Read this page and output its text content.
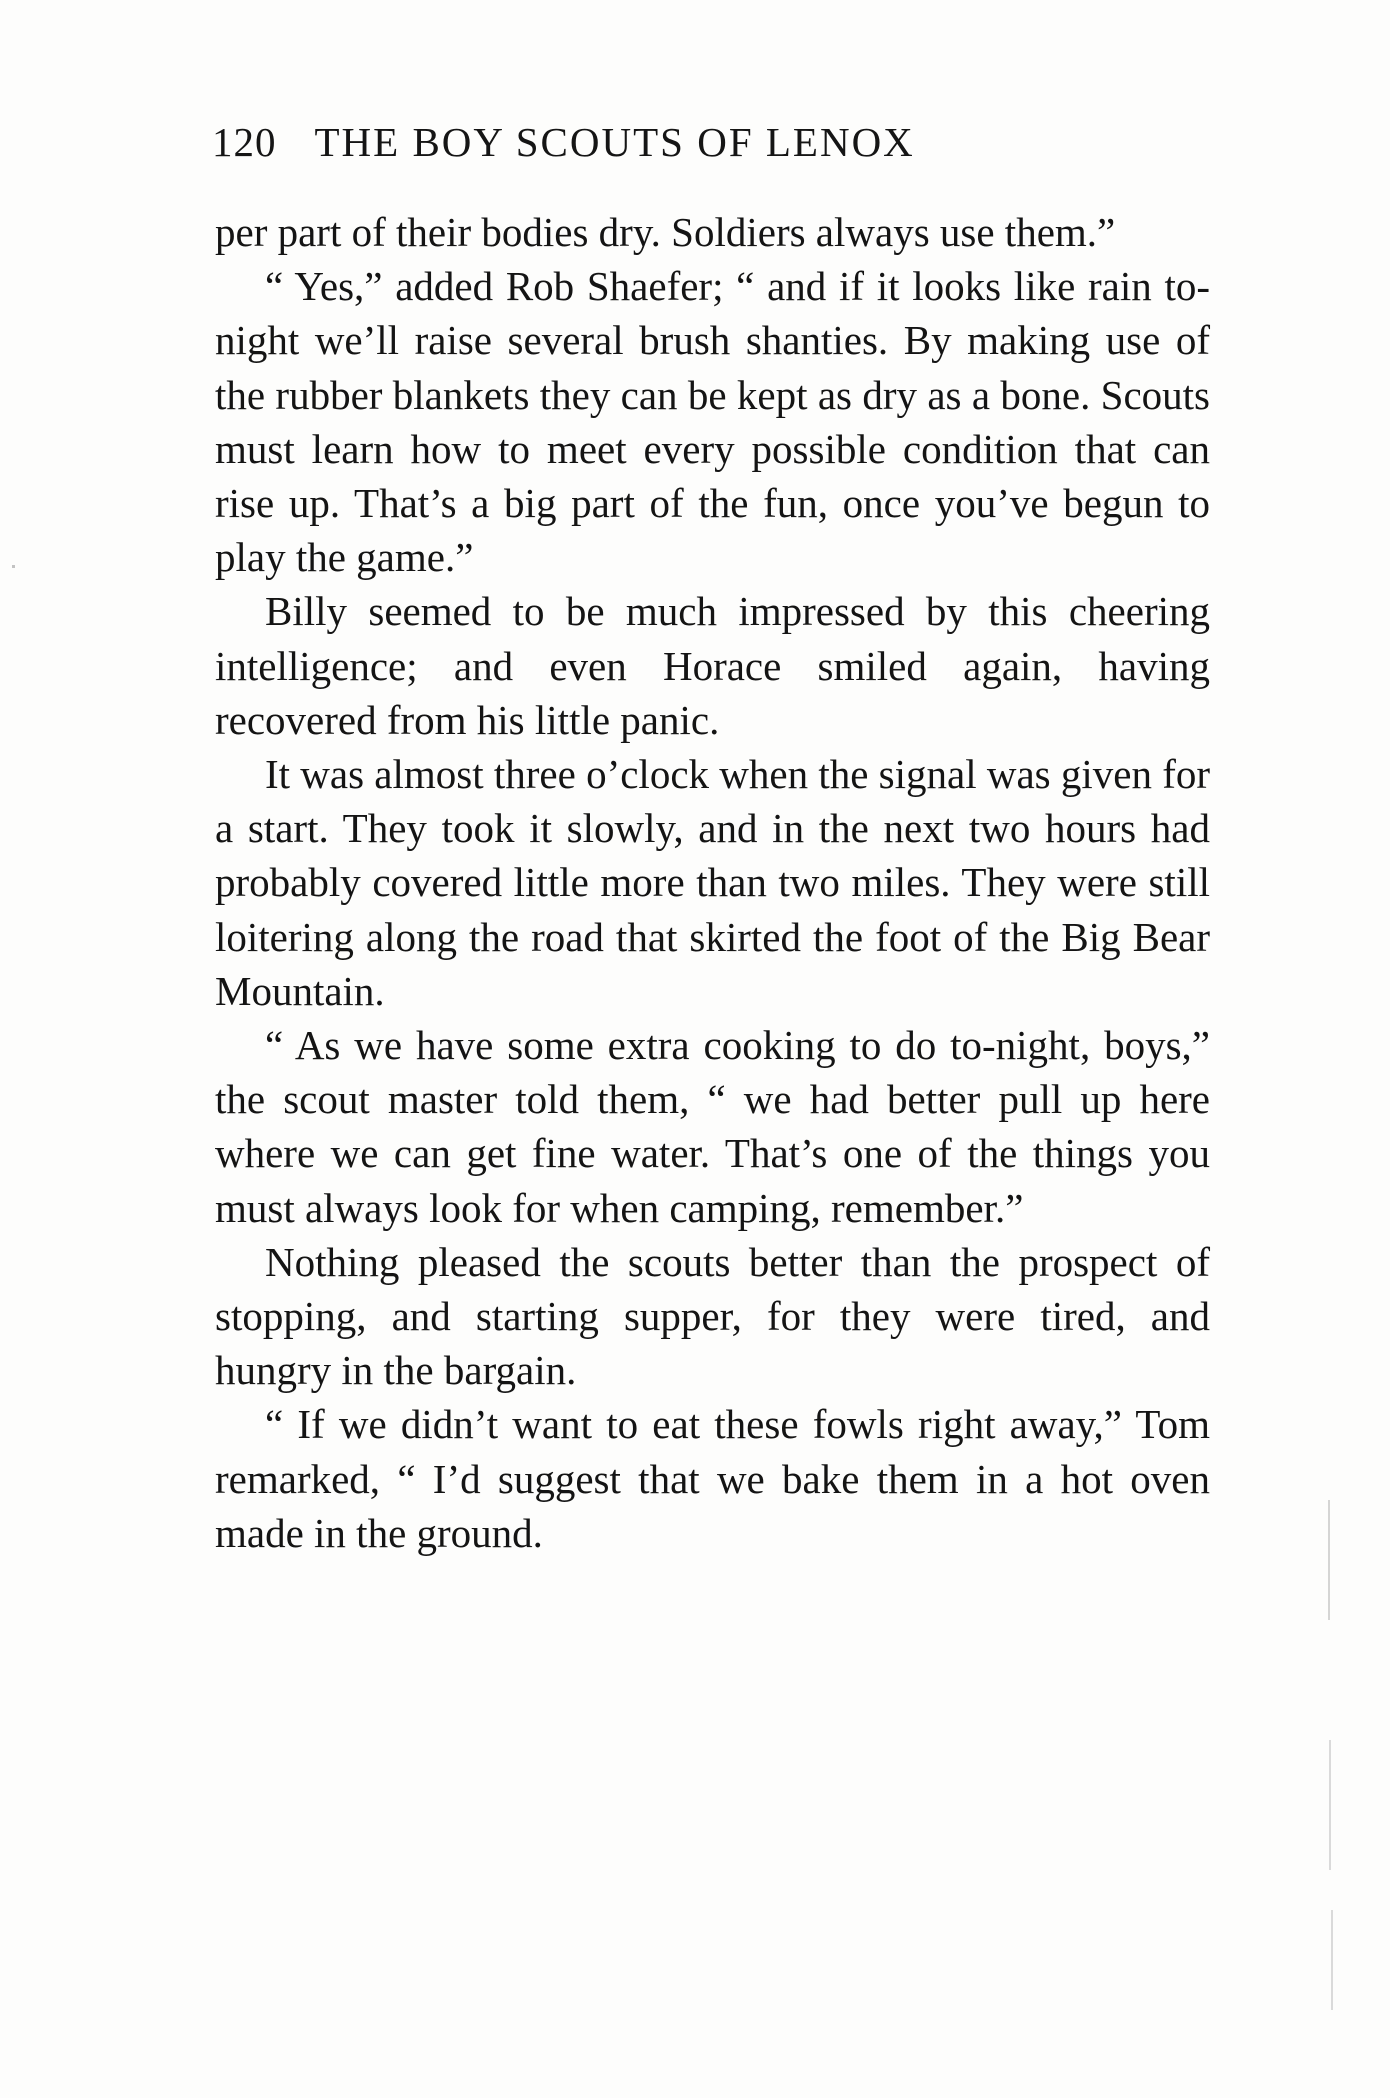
120 THE BOY SCOUTS OF LENOX

per part of their bodies dry. Soldiers always use them.”

“ Yes,” added Rob Shaefer; “ and if it looks like rain to-night we’ll raise several brush shanties. By making use of the rubber blankets they can be kept as dry as a bone. Scouts must learn how to meet every possible condition that can rise up. That’s a big part of the fun, once you’ve begun to play the game.”

Billy seemed to be much impressed by this cheering intelligence; and even Horace smiled again, having recovered from his little panic.

It was almost three o’clock when the signal was given for a start. They took it slowly, and in the next two hours had probably covered little more than two miles. They were still loitering along the road that skirted the foot of the Big Bear Mountain.

“ As we have some extra cooking to do to-night, boys,” the scout master told them, “ we had better pull up here where we can get fine water. That’s one of the things you must always look for when camping, remember.”

Nothing pleased the scouts better than the prospect of stopping, and starting supper, for they were tired, and hungry in the bargain.

“ If we didn’t want to eat these fowls right away,” Tom remarked, “ I’d suggest that we bake them in a hot oven made in the ground.
